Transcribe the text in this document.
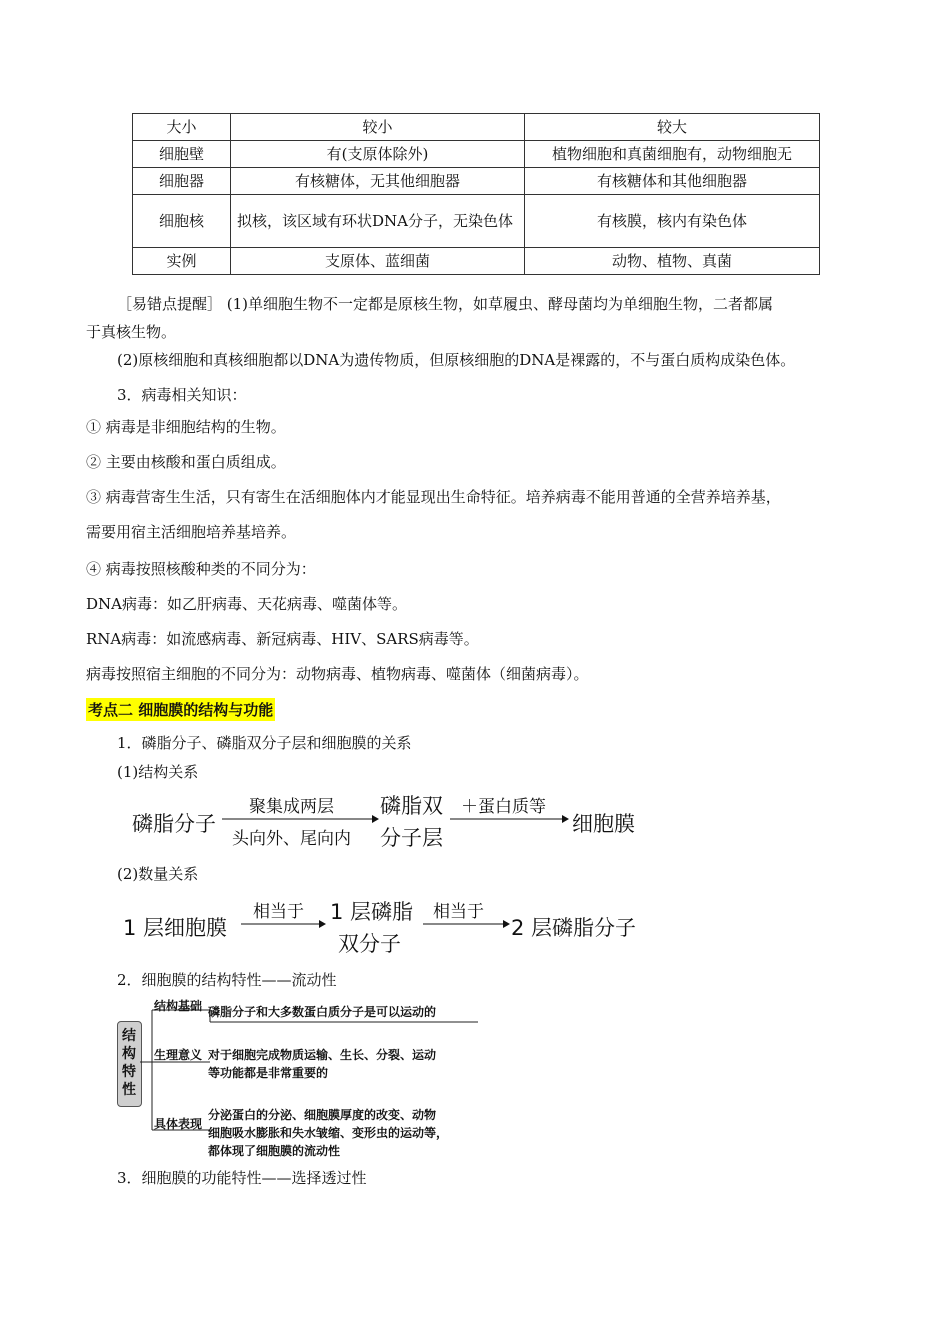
大小	较小	较大
细胞壁	有(支原体除外)	植物细胞和真菌细胞有，动物细胞无
细胞器	有核糖体，无其他细胞器	有核糖体和其他细胞器
细胞核	拟核，该区域有环状DNA分子，无染色体	有核膜，核内有染色体
实例	支原体、蓝细菌	动物、植物、真菌
［易错点提醒］ (1)单细胞生物不一定都是原核生物，如草履虫、酵母菌均为单细胞生物，二者都属
于真核生物。
(2)原核细胞和真核细胞都以DNA为遗传物质，但原核细胞的DNA是裸露的，不与蛋白质构成染色体。
3．病毒相关知识：
① 病毒是非细胞结构的生物。
② 主要由核酸和蛋白质组成。
③ 病毒营寄生生活，只有寄生在活细胞体内才能显现出生命特征。培养病毒不能用普通的全营养培养基，
需要用宿主活细胞培养基培养。
④ 病毒按照核酸种类的不同分为：
DNA病毒：如乙肝病毒、天花病毒、噬菌体等。
RNA病毒：如流感病毒、新冠病毒、HIV、SARS病毒等。
病毒按照宿主细胞的不同分为：动物病毒、植物病毒、噬菌体（细菌病毒）。
考点二 细胞膜的结构与功能
1．磷脂分子、磷脂双分子层和细胞膜的关系
(1)结构关系
磷脂分子
聚集成两层
头向外、尾向内
磷脂双
分子层
＋蛋白质等
细胞膜
(2)数量关系
1 层细胞膜
相当于 1 层磷脂
双分子
相当于
2 层磷脂分子
2．细胞膜的结构特性——流动性
结
构
特
性
结构基础 磷脂分子和大多数蛋白质分子是可以运动的
生理意义 对于细胞完成物质运输、生长、分裂、运动
等功能都是非常重要的
具体表现
分泌蛋白的分泌、细胞膜厚度的改变、动物
细胞吸水膨胀和失水皱缩、变形虫的运动等，
都体现了细胞膜的流动性
3．细胞膜的功能特性——选择透过性
